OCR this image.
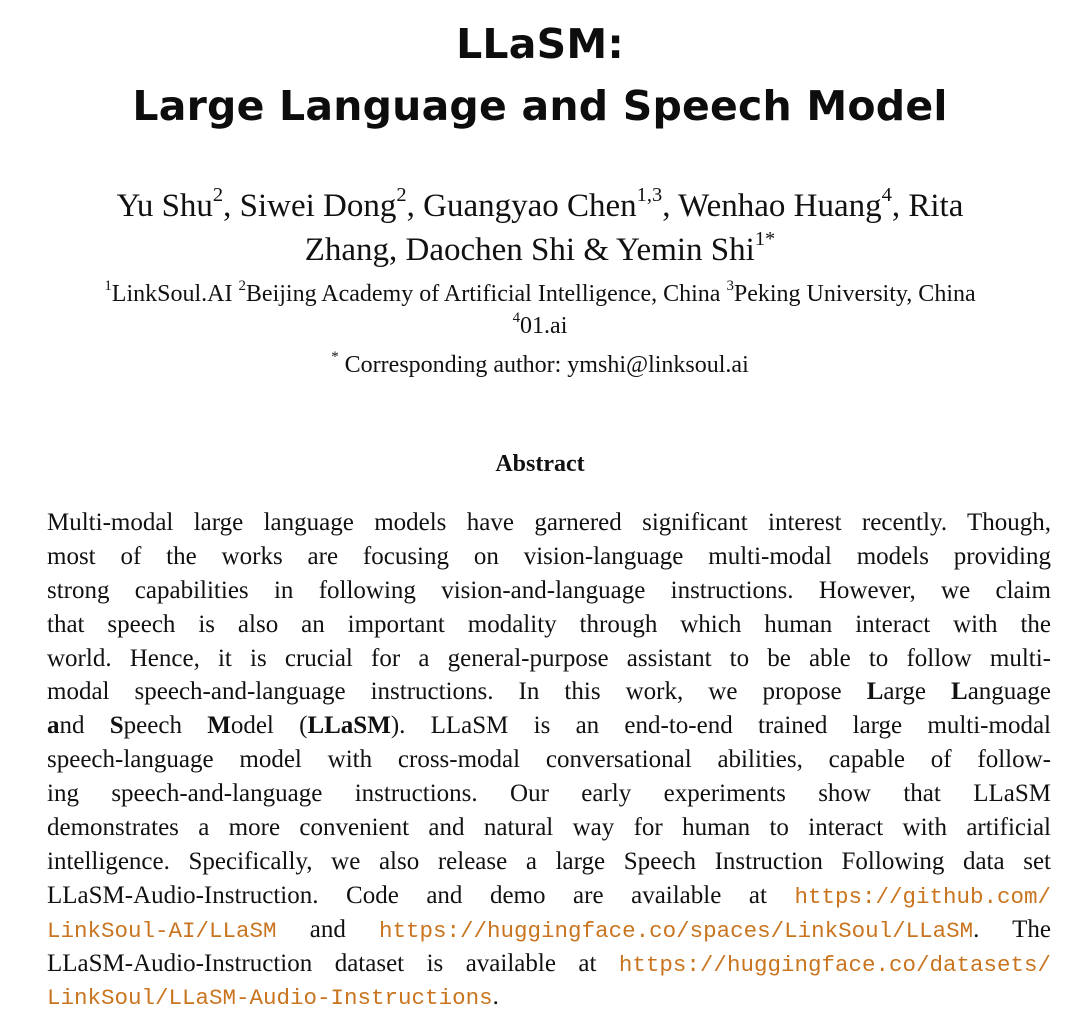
LLaSM:
Large Language and Speech Model
Yu Shu$^2$, Siwei Dong$^2$, Guangyao Chen$^{1,3}$, Wenhao Huang$^4$, Rita
Zhang, Daochen Shi & Yemin Shi$^{1*}$
$^1$LinkSoul.AI $^2$Beijing Academy of Artificial Intelligence, China $^3$Peking University, China
$^4$01.ai
* Corresponding author: ymshi@linksoul.ai
Abstract
Multi-modal large language models have garnered significant interest recently. Though,
most of the works are focusing on vision-language multi-modal models providing
strong capabilities in following vision-and-language instructions. However, we claim
that speech is also an important modality through which human interact with the
world. Hence, it is crucial for a general-purpose assistant to be able to follow multi-
modal speech-and-language instructions. In this work, we propose Large Language
and Speech Model (LLaSM). LLaSM is an end-to-end trained large multi-modal
speech-language model with cross-modal conversational abilities, capable of follow-
ing speech-and-language instructions. Our early experiments show that LLaSM
demonstrates a more convenient and natural way for human to interact with artificial
intelligence. Specifically, we also release a large Speech Instruction Following data set
LLaSM-Audio-Instruction. Code and demo are available at https://github.com/
LinkSoul-AI/LLaSM and https://huggingface.co/spaces/LinkSoul/LLaSM. The
LLaSM-Audio-Instruction dataset is available at https://huggingface.co/datasets/
LinkSoul/LLaSM-Audio-Instructions.
